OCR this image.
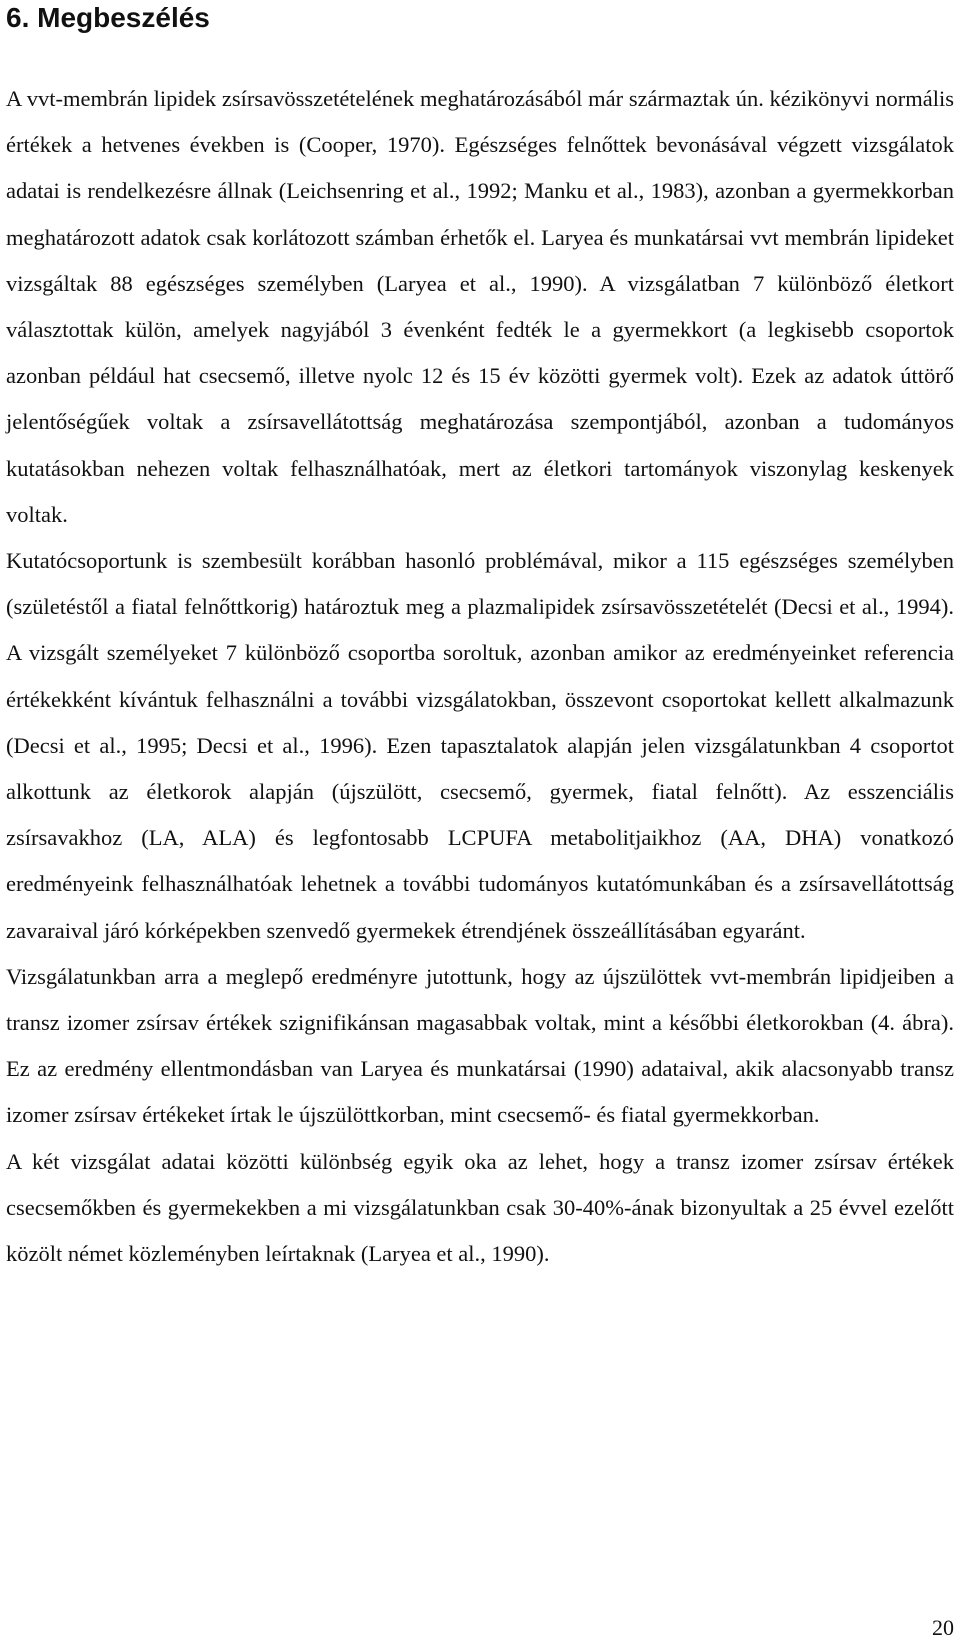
6. Megbeszélés

A vvt-membrán lipidek zsírsavösszetételének meghatározásából már származtak ún. kézikönyvi normális értékek a hetvenes években is (Cooper, 1970). Egészséges felnőttek bevonásával végzett vizsgálatok adatai is rendelkezésre állnak (Leichsenring et al., 1992; Manku et al., 1983), azonban a gyermekkorban meghatározott adatok csak korlátozott számban érhetők el. Laryea és munkatársai vvt membrán lipideket vizsgáltak 88 egészséges személyben (Laryea et al., 1990). A vizsgálatban 7 különböző életkort választottak külön, amelyek nagyjából 3 évenként fedték le a gyermekkort (a legkisebb csoportok azonban például hat csecsemő, illetve nyolc 12 és 15 év közötti gyermek volt). Ezek az adatok úttörő jelentőségűek voltak a zsírsavellátottság meghatározása szempontjából, azonban a tudományos kutatásokban nehezen voltak felhasználhatóak, mert az életkori tartományok viszonylag keskenyek voltak.

Kutatócsoportunk is szembesült korábban hasonló problémával, mikor a 115 egészséges személyben (születéstől a fiatal felnőttkorig) határoztuk meg a plazmalipidek zsírsavösszetételét (Decsi et al., 1994). A vizsgált személyeket 7 különböző csoportba soroltuk, azonban amikor az eredményeinket referencia értékekként kívántuk felhasználni a további vizsgálatokban, összevont csoportokat kellett alkalmazunk (Decsi et al., 1995; Decsi et al., 1996). Ezen tapasztalatok alapján jelen vizsgálatunkban 4 csoportot alkottunk az életkorok alapján (újszülött, csecsemő, gyermek, fiatal felnőtt). Az esszenciális zsírsavakhoz (LA, ALA) és legfontosabb LCPUFA metabolitjaikhoz (AA, DHA) vonatkozó eredményeink felhasználhatóak lehetnek a további tudományos kutatómunkában és a zsírsavellátottság zavaraival járó kórképekben szenvedő gyermekek étrendjének összeállításában egyaránt.

Vizsgálatunkban arra a meglepő eredményre jutottunk, hogy az újszülöttek vvt-membrán lipidjeiben a transz izomer zsírsav értékek szignifikánsan magasabbak voltak, mint a későbbi életkorokban (4. ábra). Ez az eredmény ellentmondásban van Laryea és munkatársai (1990) adataival, akik alacsonyabb transz izomer zsírsav értékeket írtak le újszülöttkorban, mint csecsemő- és fiatal gyermekkorban.

A két vizsgálat adatai közötti különbség egyik oka az lehet, hogy a transz izomer zsírsav értékek csecsemőkben és gyermekekben a mi vizsgálatunkban csak 30-40%-ának bizonyultak a 25 évvel ezelőtt közölt német közleményben leírtaknak (Laryea et al., 1990).

20
